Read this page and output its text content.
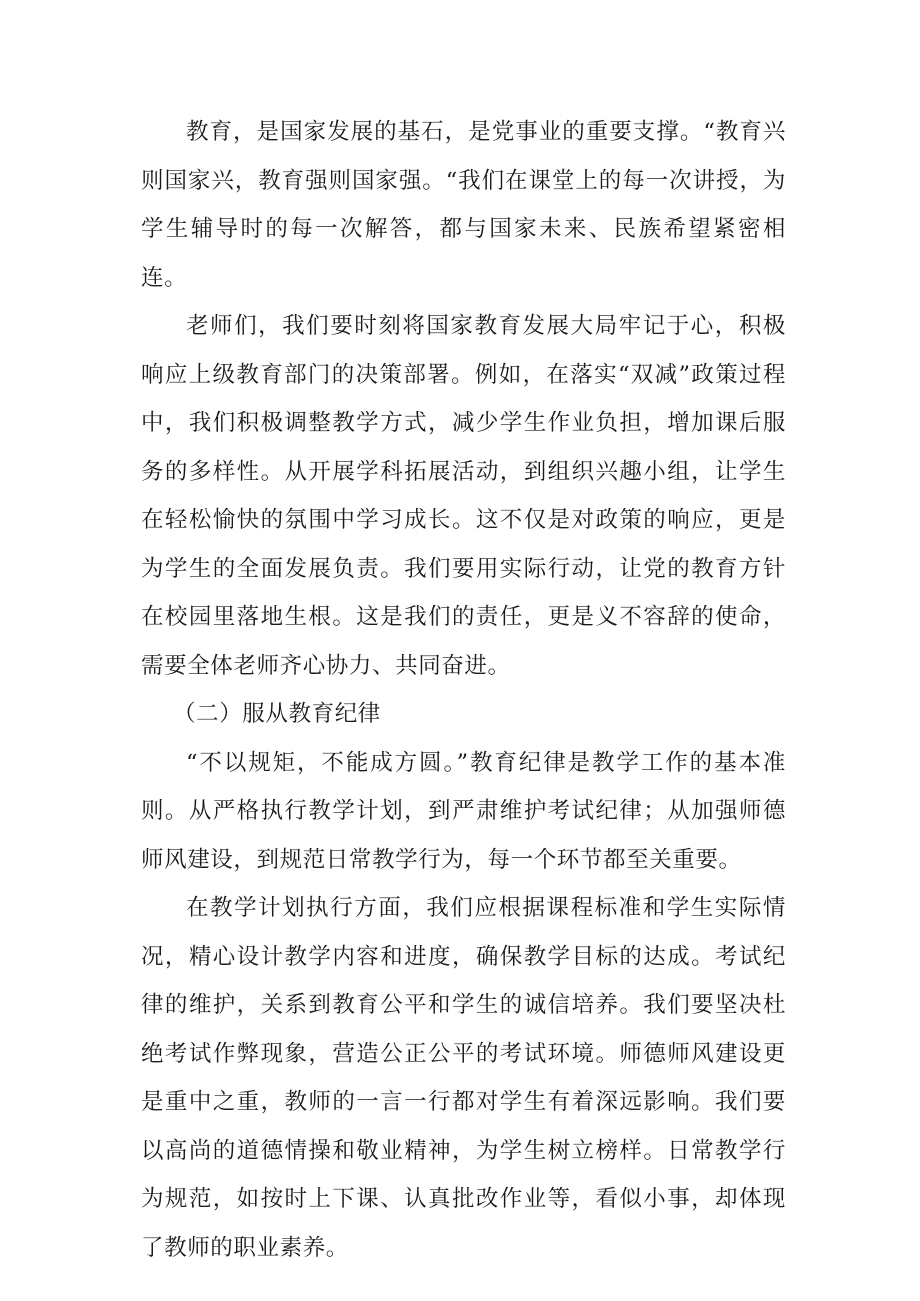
教育，是国家发展的基石，是党事业的重要支撑。“教育兴则国家兴，教育强则国家强。“我们在课堂上的每一次讲授，为学生辅导时的每一次解答，都与国家未来、民族希望紧密相连。

老师们，我们要时刻将国家教育发展大局牢记于心，积极响应上级教育部门的决策部署。例如，在落实“双减”政策过程中，我们积极调整教学方式，减少学生作业负担，增加课后服务的多样性。从开展学科拓展活动，到组织兴趣小组，让学生在轻松愉快的氛围中学习成长。这不仅是对政策的响应，更是为学生的全面发展负责。我们要用实际行动，让党的教育方针在校园里落地生根。这是我们的责任，更是义不容辞的使命，需要全体老师齐心协力、共同奋进。

（二）服从教育纪律

“不以规矩，不能成方圆。”教育纪律是教学工作的基本准则。从严格执行教学计划，到严肃维护考试纪律；从加强师德师风建设，到规范日常教学行为，每一个环节都至关重要。

在教学计划执行方面，我们应根据课程标准和学生实际情况，精心设计教学内容和进度，确保教学目标的达成。考试纪律的维护，关系到教育公平和学生的诚信培养。我们要坚决杜绝考试作弊现象，营造公正公平的考试环境。师德师风建设更是重中之重，教师的一言一行都对学生有着深远影响。我们要以高尚的道德情操和敬业精神，为学生树立榜样。日常教学行为规范，如按时上下课、认真批改作业等，看似小事，却体现了教师的职业素养。
